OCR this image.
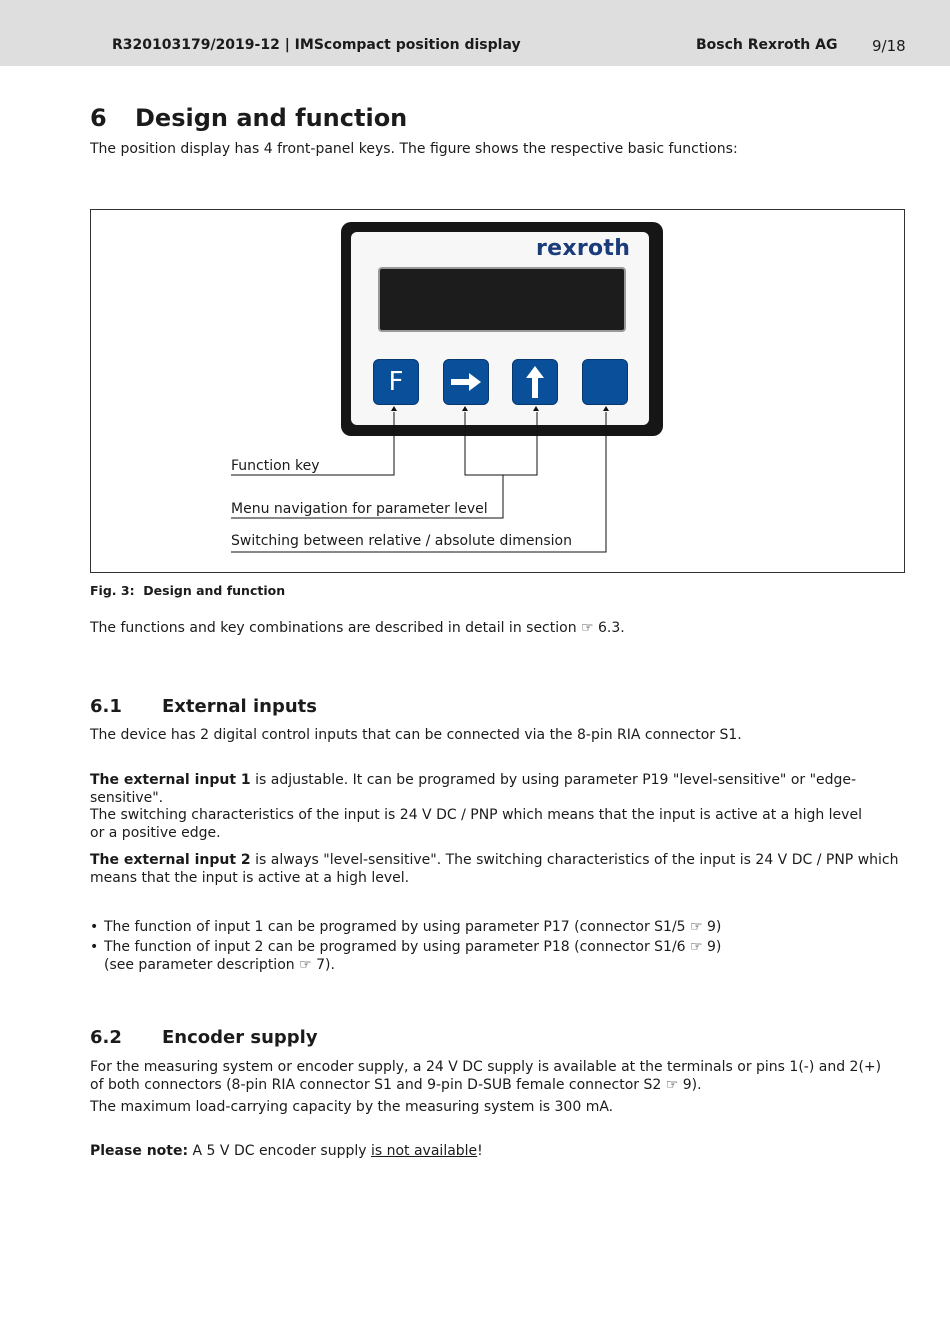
R320103179/2019-12 | IMScompact position display	Bosch Rexroth AG 9/18
6 Design and function
The position display has 4 front-panel keys. The figure shows the respective basic functions:
rexroth
F
Function key
Menu navigation for parameter level
Switching between relative / absolute dimension
Fig. 3: Design and function
The functions and key combinations are described in detail in section ☞ 6.3.
6.1 External inputs
The device has 2 digital control inputs that can be connected via the 8-pin RIA connector S1.
The external input 1 is adjustable. It can be programed by using parameter P19 "level-sensitive" or "edge-sensitive".
The switching characteristics of the input is 24 V DC / PNP which means that the input is active at a high level
or a positive edge.
The external input 2 is always "level-sensitive". The switching characteristics of the input is 24 V DC / PNP which
means that the input is active at a high level.
• The function of input 1 can be programed by using parameter P17 (connector S1/5 ☞ 9)
• The function of input 2 can be programed by using parameter P18 (connector S1/6 ☞ 9)
(see parameter description ☞ 7).
6.2 Encoder supply
For the measuring system or encoder supply, a 24 V DC supply is available at the terminals or pins 1(-) and 2(+)
of both connectors (8-pin RIA connector S1 and 9-pin D-SUB female connector S2 ☞ 9).
The maximum load-carrying capacity by the measuring system is 300 mA.
Please note: A 5 V DC encoder supply is not available!
